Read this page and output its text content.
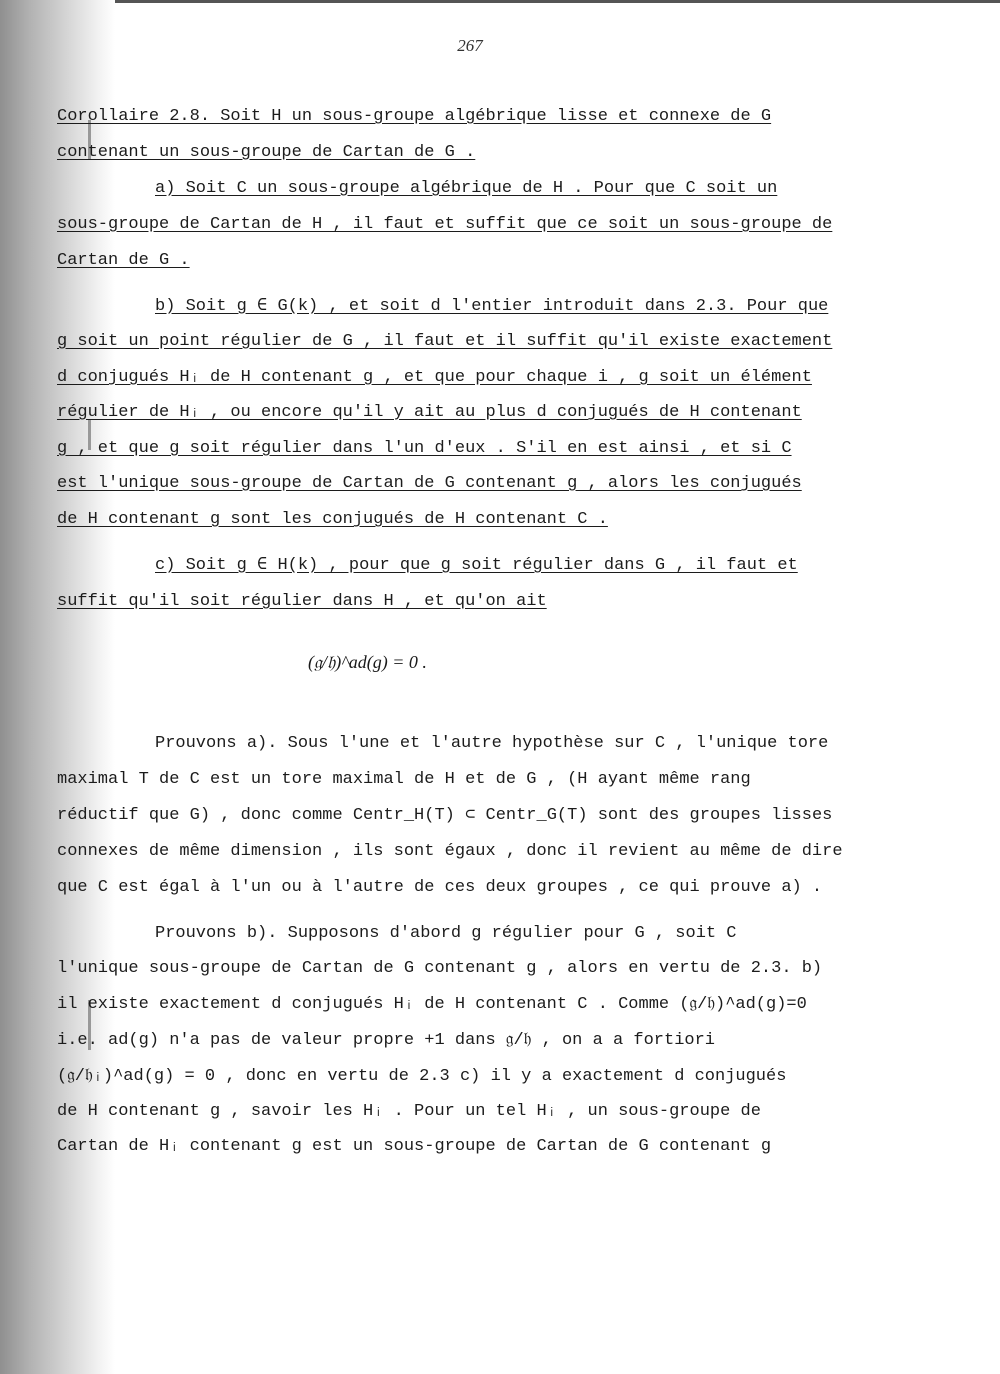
267
Corollaire 2.8. Soit H un sous-groupe algébrique lisse et connexe de G
contenant un sous-groupe de Cartan de G .
a) Soit C un sous-groupe algébrique de H . Pour que C soit un
sous-groupe de Cartan de H , il faut et suffit que ce soit un sous-groupe de
Cartan de G .
b) Soit g ∈ G(k) , et soit d l'entier introduit dans 2.3. Pour que
g soit un point régulier de G , il faut et il suffit qu'il existe exactement
d conjugués Hᵢ de H contenant g , et que pour chaque i , g soit un élément
régulier de Hᵢ , ou encore qu'il y ait au plus d conjugués de H contenant
g , et que g soit régulier dans l'un d'eux . S'il en est ainsi , et si C
est l'unique sous-groupe de Cartan de G contenant g , alors les conjugués
de H contenant g sont les conjugués de H contenant C .
c) Soit g ∈ H(k) , pour que g soit régulier dans G , il faut et
suffit qu'il soit régulier dans H , et qu'on ait
(𝔤/𝔥)^ad(g) = 0 .
Prouvons a). Sous l'une et l'autre hypothèse sur C , l'unique tore
maximal T de C est un tore maximal de H et de G , (H ayant même rang
réductif que G) , donc comme Centr_H(T) ⊂ Centr_G(T) sont des groupes lisses
connexes de même dimension , ils sont égaux , donc il revient au même de dire
que C est égal à l'un ou à l'autre de ces deux groupes , ce qui prouve a) .
Prouvons b). Supposons d'abord g régulier pour G , soit C
l'unique sous-groupe de Cartan de G contenant g , alors en vertu de 2.3. b)
il existe exactement d conjugués Hᵢ de H contenant C . Comme (𝔤/𝔥)^ad(g)=0
i.e. ad(g) n'a pas de valeur propre +1 dans 𝔤/𝔥 , on a a fortiori
(𝔤/𝔥ᵢ)^ad(g) = 0 , donc en vertu de 2.3 c) il y a exactement d conjugués
de H contenant g , savoir les Hᵢ . Pour un tel Hᵢ , un sous-groupe de
Cartan de Hᵢ contenant g est un sous-groupe de Cartan de G contenant g
